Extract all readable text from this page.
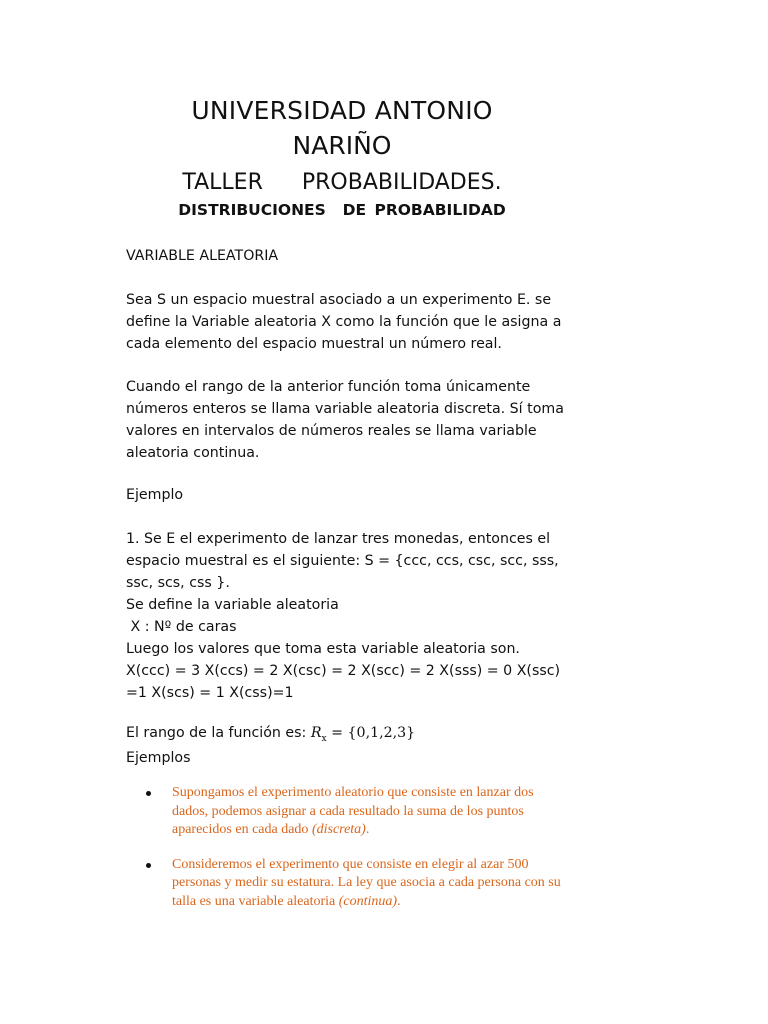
UNIVERSIDAD ANTONIO
NARIÑO
TALLER   PROBABILIDADES.
DISTRIBUCIONES  DE PROBABILIDAD
VARIABLE ALEATORIA

Sea S un espacio muestral asociado a un experimento E. se define la Variable aleatoria X como la función que le asigna a cada elemento del espacio muestral un número real.

Cuando el rango de la anterior función toma únicamente números enteros se llama variable aleatoria discreta. Sí toma valores en intervalos de números reales se llama variable aleatoria continua.

Ejemplo

1. Se E el experimento de lanzar tres monedas, entonces el espacio muestral es el siguiente: S = {ccc, ccs, csc, scc, sss, ssc, scs, css }.

Se define la variable aleatoria

X : Nº de caras

Luego los valores que toma esta variable aleatoria son. X(ccc) = 3 X(ccs) = 2 X(csc) = 2 X(scc) = 2 X(sss) = 0 X(ssc) =1 X(scs) = 1 X(css)=1

El rango de la función es: $R_x = \{0,1,2,3\}$
Ejemplos
Supongamos el experimento aleatorio que consiste en lanzar dos dados, podemos asignar a cada resultado la suma de los puntos aparecidos en cada dado (discreta).
Consideremos el experimento que consiste en elegir al azar 500 personas y medir su estatura. La ley que asocia a cada persona con su talla es una variable aleatoria (continua).
